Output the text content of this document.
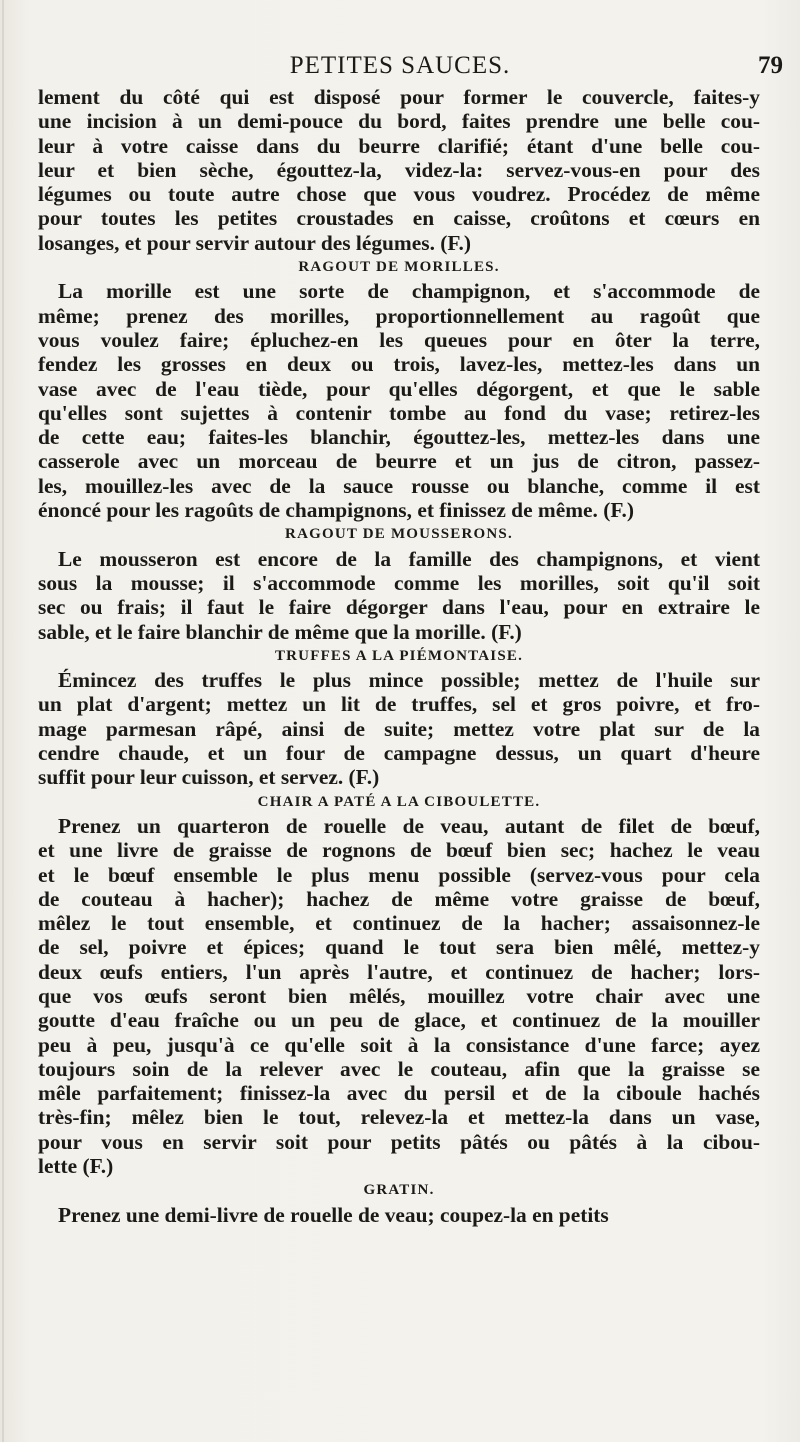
PETITES SAUCES.	79
lement du côté qui est disposé pour former le couvercle, faites-y
une incision à un demi-pouce du bord, faites prendre une belle cou-
leur à votre caisse dans du beurre clarifié; étant d'une belle cou-
leur et bien sèche, égouttez-la, videz-la: servez-vous-en pour des
légumes ou toute autre chose que vous voudrez. Procédez de même
pour toutes les petites croustades en caisse, croûtons et cœurs en
losanges, et pour servir autour des légumes. (F.)
RAGOUT DE MORILLES.
La morille est une sorte de champignon, et s'accommode de
même; prenez des morilles, proportionnellement au ragoût que
vous voulez faire; épluchez-en les queues pour en ôter la terre,
fendez les grosses en deux ou trois, lavez-les, mettez-les dans un
vase avec de l'eau tiède, pour qu'elles dégorgent, et que le sable
qu'elles sont sujettes à contenir tombe au fond du vase; retirez-les
de cette eau; faites-les blanchir, égouttez-les, mettez-les dans une
casserole avec un morceau de beurre et un jus de citron, passez-
les, mouillez-les avec de la sauce rousse ou blanche, comme il est
énoncé pour les ragoûts de champignons, et finissez de même. (F.)
RAGOUT DE MOUSSERONS.
Le mousseron est encore de la famille des champignons, et vient
sous la mousse; il s'accommode comme les morilles, soit qu'il soit
sec ou frais; il faut le faire dégorger dans l'eau, pour en extraire le
sable, et le faire blanchir de même que la morille. (F.)
TRUFFES A LA PIÉMONTAISE.
Émincez des truffes le plus mince possible; mettez de l'huile sur
un plat d'argent; mettez un lit de truffes, sel et gros poivre, et fro-
mage parmesan râpé, ainsi de suite; mettez votre plat sur de la
cendre chaude, et un four de campagne dessus, un quart d'heure
suffit pour leur cuisson, et servez. (F.)
CHAIR A PATÉ A LA CIBOULETTE.
Prenez un quarteron de rouelle de veau, autant de filet de bœuf,
et une livre de graisse de rognons de bœuf bien sec; hachez le veau
et le bœuf ensemble le plus menu possible (servez-vous pour cela
de couteau à hacher); hachez de même votre graisse de bœuf,
mêlez le tout ensemble, et continuez de la hacher; assaisonnez-le
de sel, poivre et épices; quand le tout sera bien mêlé, mettez-y
deux œufs entiers, l'un après l'autre, et continuez de hacher; lors-
que vos œufs seront bien mêlés, mouillez votre chair avec une
goutte d'eau fraîche ou un peu de glace, et continuez de la mouiller
peu à peu, jusqu'à ce qu'elle soit à la consistance d'une farce; ayez
toujours soin de la relever avec le couteau, afin que la graisse se
mêle parfaitement; finissez-la avec du persil et de la ciboule hachés
très-fin; mêlez bien le tout, relevez-la et mettez-la dans un vase,
pour vous en servir soit pour petits pâtés ou pâtés à la cibou-
lette (F.)
GRATIN.
Prenez une demi-livre de rouelle de veau; coupez-la en petits
